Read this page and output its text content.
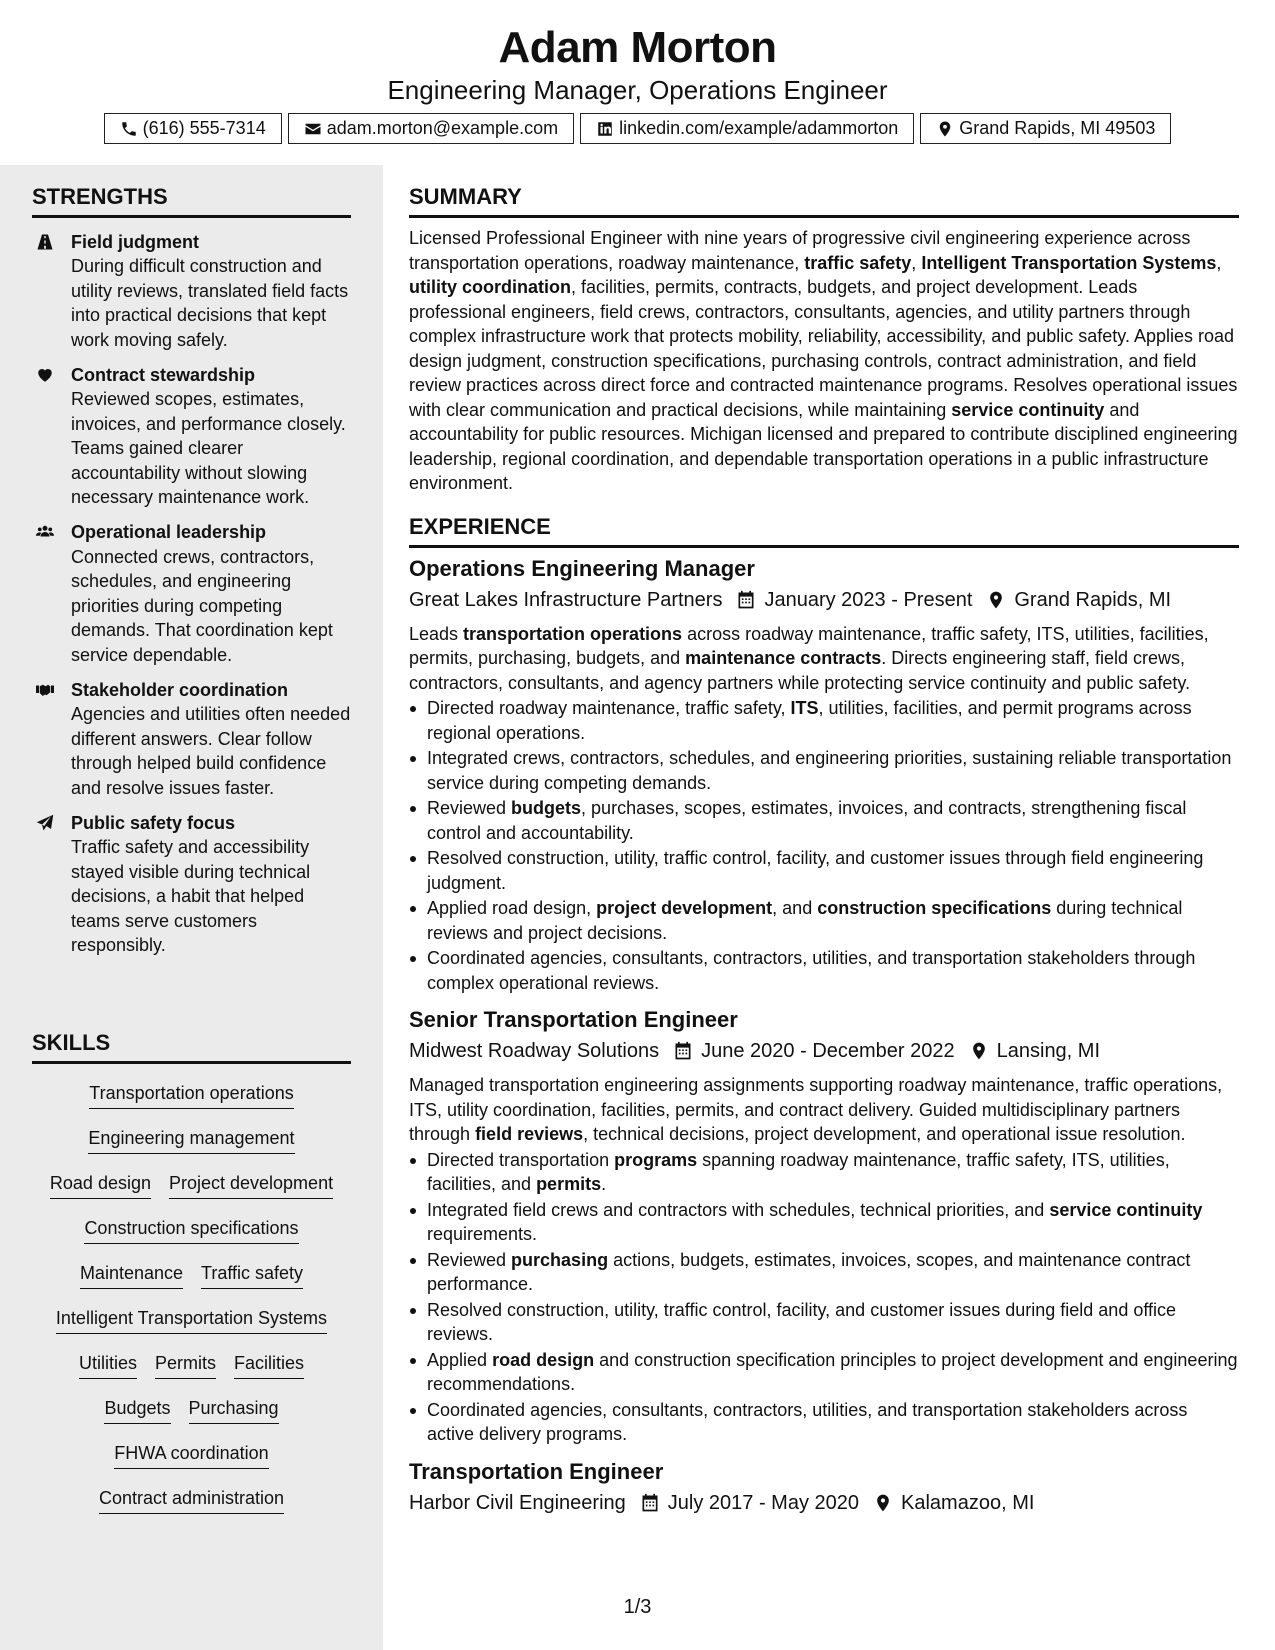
Adam Morton
Engineering Manager, Operations Engineer
(616) 555-7314	adam.morton@example.com	linkedin.com/example/adammorton	Grand Rapids, MI 49503
STRENGTHS
Field judgment
During difficult construction and utility reviews, translated field facts into practical decisions that kept work moving safely.
Contract stewardship
Reviewed scopes, estimates, invoices, and performance closely. Teams gained clearer accountability without slowing necessary maintenance work.
Operational leadership
Connected crews, contractors, schedules, and engineering priorities during competing demands. That coordination kept service dependable.
Stakeholder coordination
Agencies and utilities often needed different answers. Clear follow through helped build confidence and resolve issues faster.
Public safety focus
Traffic safety and accessibility stayed visible during technical decisions, a habit that helped teams serve customers responsibly.
SKILLS
Transportation operations
Engineering management
Road design Project development
Construction specifications
Maintenance Traffic safety
Intelligent Transportation Systems
Utilities Permits Facilities
Budgets Purchasing
FHWA coordination
Contract administration
SUMMARY

Licensed Professional Engineer with nine years of progressive civil engineering experience across transportation operations, roadway maintenance, traffic safety, Intelligent Transportation Systems, utility coordination, facilities, permits, contracts, budgets, and project development. Leads professional engineers, field crews, contractors, consultants, agencies, and utility partners through complex infrastructure work that protects mobility, reliability, accessibility, and public safety. Applies road design judgment, construction specifications, purchasing controls, contract administration, and field review practices across direct force and contracted maintenance programs. Resolves operational issues with clear communication and practical decisions, while maintaining service continuity and accountability for public resources. Michigan licensed and prepared to contribute disciplined engineering leadership, regional coordination, and dependable transportation operations in a public infrastructure environment.

EXPERIENCE
Operations Engineering Manager
Great Lakes Infrastructure Partners January 2023 - Present Grand Rapids, MI

Leads transportation operations across roadway maintenance, traffic safety, ITS, utilities, facilities, permits, purchasing, budgets, and maintenance contracts. Directs engineering staff, field crews, contractors, consultants, and agency partners while protecting service continuity and public safety.

Directed roadway maintenance, traffic safety, ITS, utilities, facilities, and permit programs across regional operations.
Integrated crews, contractors, schedules, and engineering priorities, sustaining reliable transportation service during competing demands.
Reviewed budgets, purchases, scopes, estimates, invoices, and contracts, strengthening fiscal control and accountability.
Resolved construction, utility, traffic control, facility, and customer issues through field engineering judgment.
Applied road design, project development, and construction specifications during technical reviews and project decisions.
Coordinated agencies, consultants, contractors, utilities, and transportation stakeholders through complex operational reviews.
Senior Transportation Engineer
Midwest Roadway Solutions June 2020 - December 2022 Lansing, MI

Managed transportation engineering assignments supporting roadway maintenance, traffic operations, ITS, utility coordination, facilities, permits, and contract delivery. Guided multidisciplinary partners through field reviews, technical decisions, project development, and operational issue resolution.

Directed transportation programs spanning roadway maintenance, traffic safety, ITS, utilities, facilities, and permits.
Integrated field crews and contractors with schedules, technical priorities, and service continuity requirements.
Reviewed purchasing actions, budgets, estimates, invoices, scopes, and maintenance contract performance.
Resolved construction, utility, traffic control, facility, and customer issues during field and office reviews.
Applied road design and construction specification principles to project development and engineering recommendations.
Coordinated agencies, consultants, contractors, utilities, and transportation stakeholders across active delivery programs.
Transportation Engineer
Harbor Civil Engineering July 2017 - May 2020 Kalamazoo, MI
1/3
